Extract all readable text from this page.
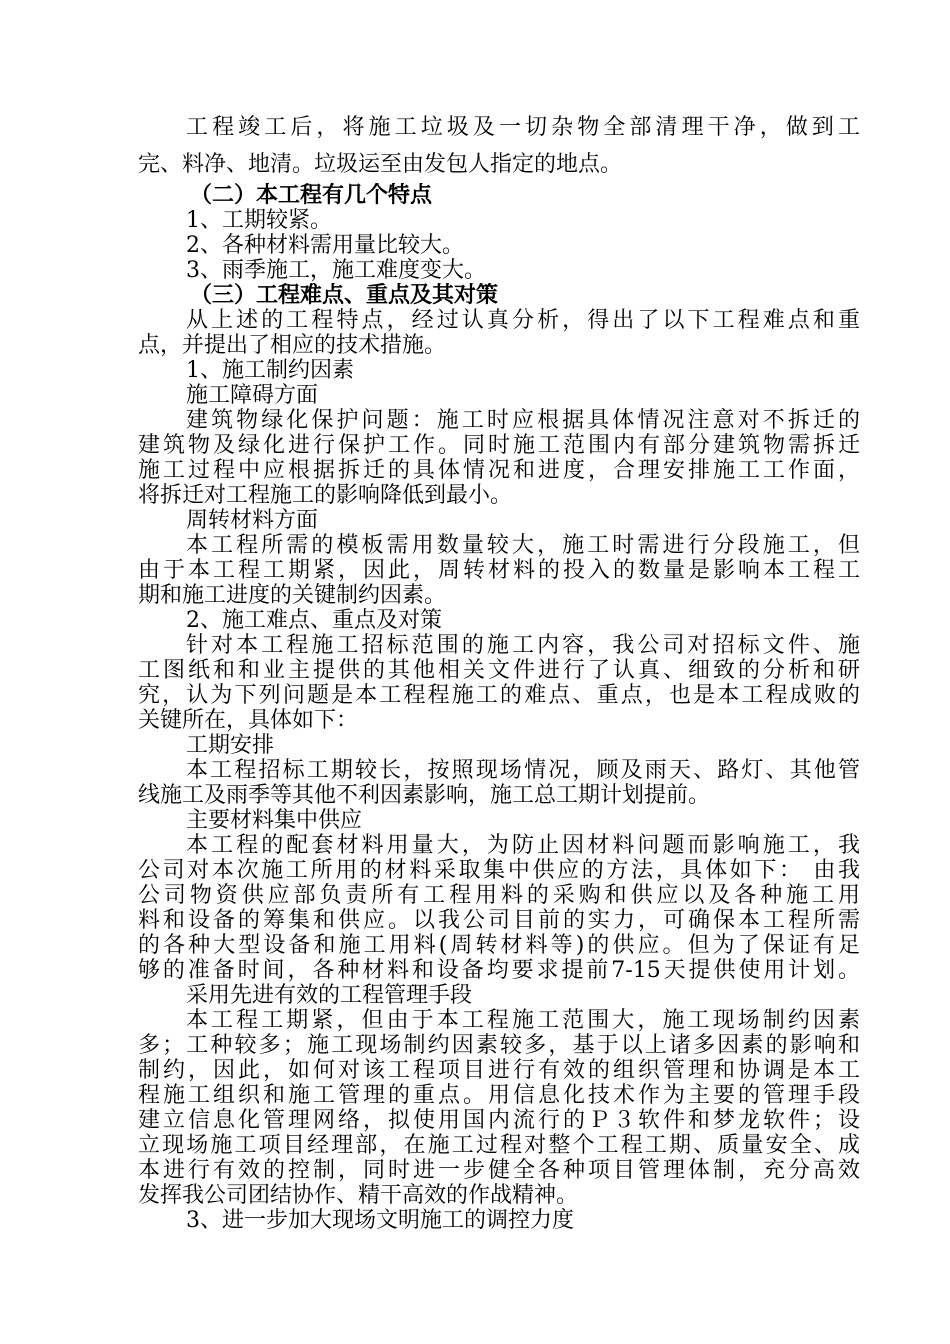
工程竣工后，将施工垃圾及一切杂物全部清理干净，做到工
完、料净、地清。垃圾运至由发包人指定的地点。
（二）本工程有几个特点
1、工期较紧。
2、各种材料需用量比较大。
3、雨季施工，施工难度变大。
（三）工程难点、重点及其对策
从上述的工程特点，经过认真分析，得出了以下工程难点和重
点，并提出了相应的技术措施。
1、施工制约因素
施工障碍方面
建筑物绿化保护问题：施工时应根据具体情况注意对不拆迁的
建筑物及绿化进行保护工作。同时施工范围内有部分建筑物需拆迁
施工过程中应根据拆迁的具体情况和进度，合理安排施工工作面，
将拆迁对工程施工的影响降低到最小。
周转材料方面
本工程所需的模板需用数量较大，施工时需进行分段施工，但
由于本工程工期紧，因此，周转材料的投入的数量是影响本工程工
期和施工进度的关键制约因素。
2、施工难点、重点及对策
针对本工程施工招标范围的施工内容，我公司对招标文件、施
工图纸和和业主提供的其他相关文件进行了认真、细致的分析和研
究，认为下列问题是本工程程施工的难点、重点，也是本工程成败的
关键所在，具体如下：
工期安排
本工程招标工期较长，按照现场情况，顾及雨天、路灯、其他管
线施工及雨季等其他不利因素影响，施工总工期计划提前。
主要材料集中供应
本工程的配套材料用量大，为防止因材料问题而影响施工，我
公司对本次施工所用的材料采取集中供应的方法，具体如下： 由我
公司物资供应部负责所有工程用料的采购和供应以及各种施工用
料和设备的筹集和供应。以我公司目前的实力，可确保本工程所需
的各种大型设备和施工用料(周转材料等)的供应。但为了保证有足
够的准备时间，各种材料和设备均要求提前7-15天提供使用计划。
采用先进有效的工程管理手段
本工程工期紧，但由于本工程施工范围大，施工现场制约因素
多；工种较多；施工现场制约因素较多，基于以上诸多因素的影响和
制约，因此，如何对该工程项目进行有效的组织管理和协调是本工
程施工组织和施工管理的重点。用信息化技术作为主要的管理手段
建立信息化管理网络，拟使用国内流行的Ｐ３软件和梦龙软件；设
立现场施工项目经理部，在施工过程对整个工程工期、质量安全、成
本进行有效的控制，同时进一步健全各种项目管理体制，充分高效
发挥我公司团结协作、精干高效的作战精神。
3、进一步加大现场文明施工的调控力度
